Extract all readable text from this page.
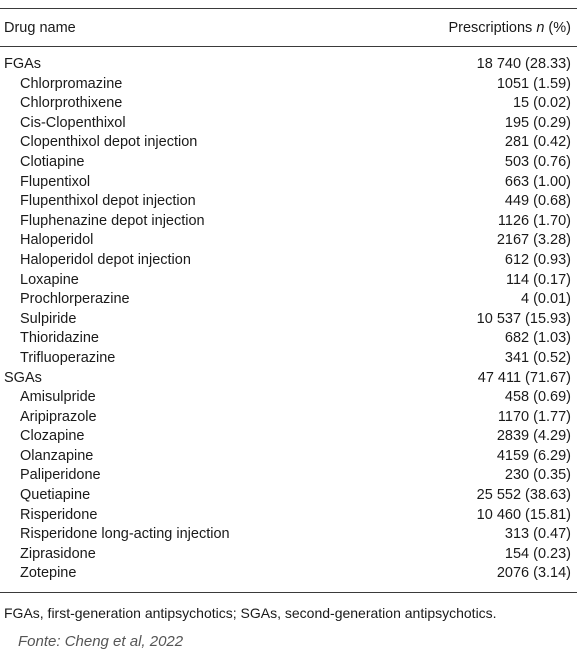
Drug name	Prescriptions n (%)
FGAs	18 740 (28.33)
Chlorpromazine	1051 (1.59)
Chlorprothixene	15 (0.02)
Cis-Clopenthixol	195 (0.29)
Clopenthixol depot injection	281 (0.42)
Clotiapine	503 (0.76)
Flupentixol	663 (1.00)
Flupenthixol depot injection	449 (0.68)
Fluphenazine depot injection	1126 (1.70)
Haloperidol	2167 (3.28)
Haloperidol depot injection	612 (0.93)
Loxapine	114 (0.17)
Prochlorperazine	4 (0.01)
Sulpiride	10 537 (15.93)
Thioridazine	682 (1.03)
Trifluoperazine	341 (0.52)
SGAs	47 411 (71.67)
Amisulpride	458 (0.69)
Aripiprazole	1170 (1.77)
Clozapine	2839 (4.29)
Olanzapine	4159 (6.29)
Paliperidone	230 (0.35)
Quetiapine	25 552 (38.63)
Risperidone	10 460 (15.81)
Risperidone long-acting injection	313 (0.47)
Ziprasidone	154 (0.23)
Zotepine	2076 (3.14)
FGAs, first-generation antipsychotics; SGAs, second-generation antipsychotics.
Fonte: Cheng et al, 2022
